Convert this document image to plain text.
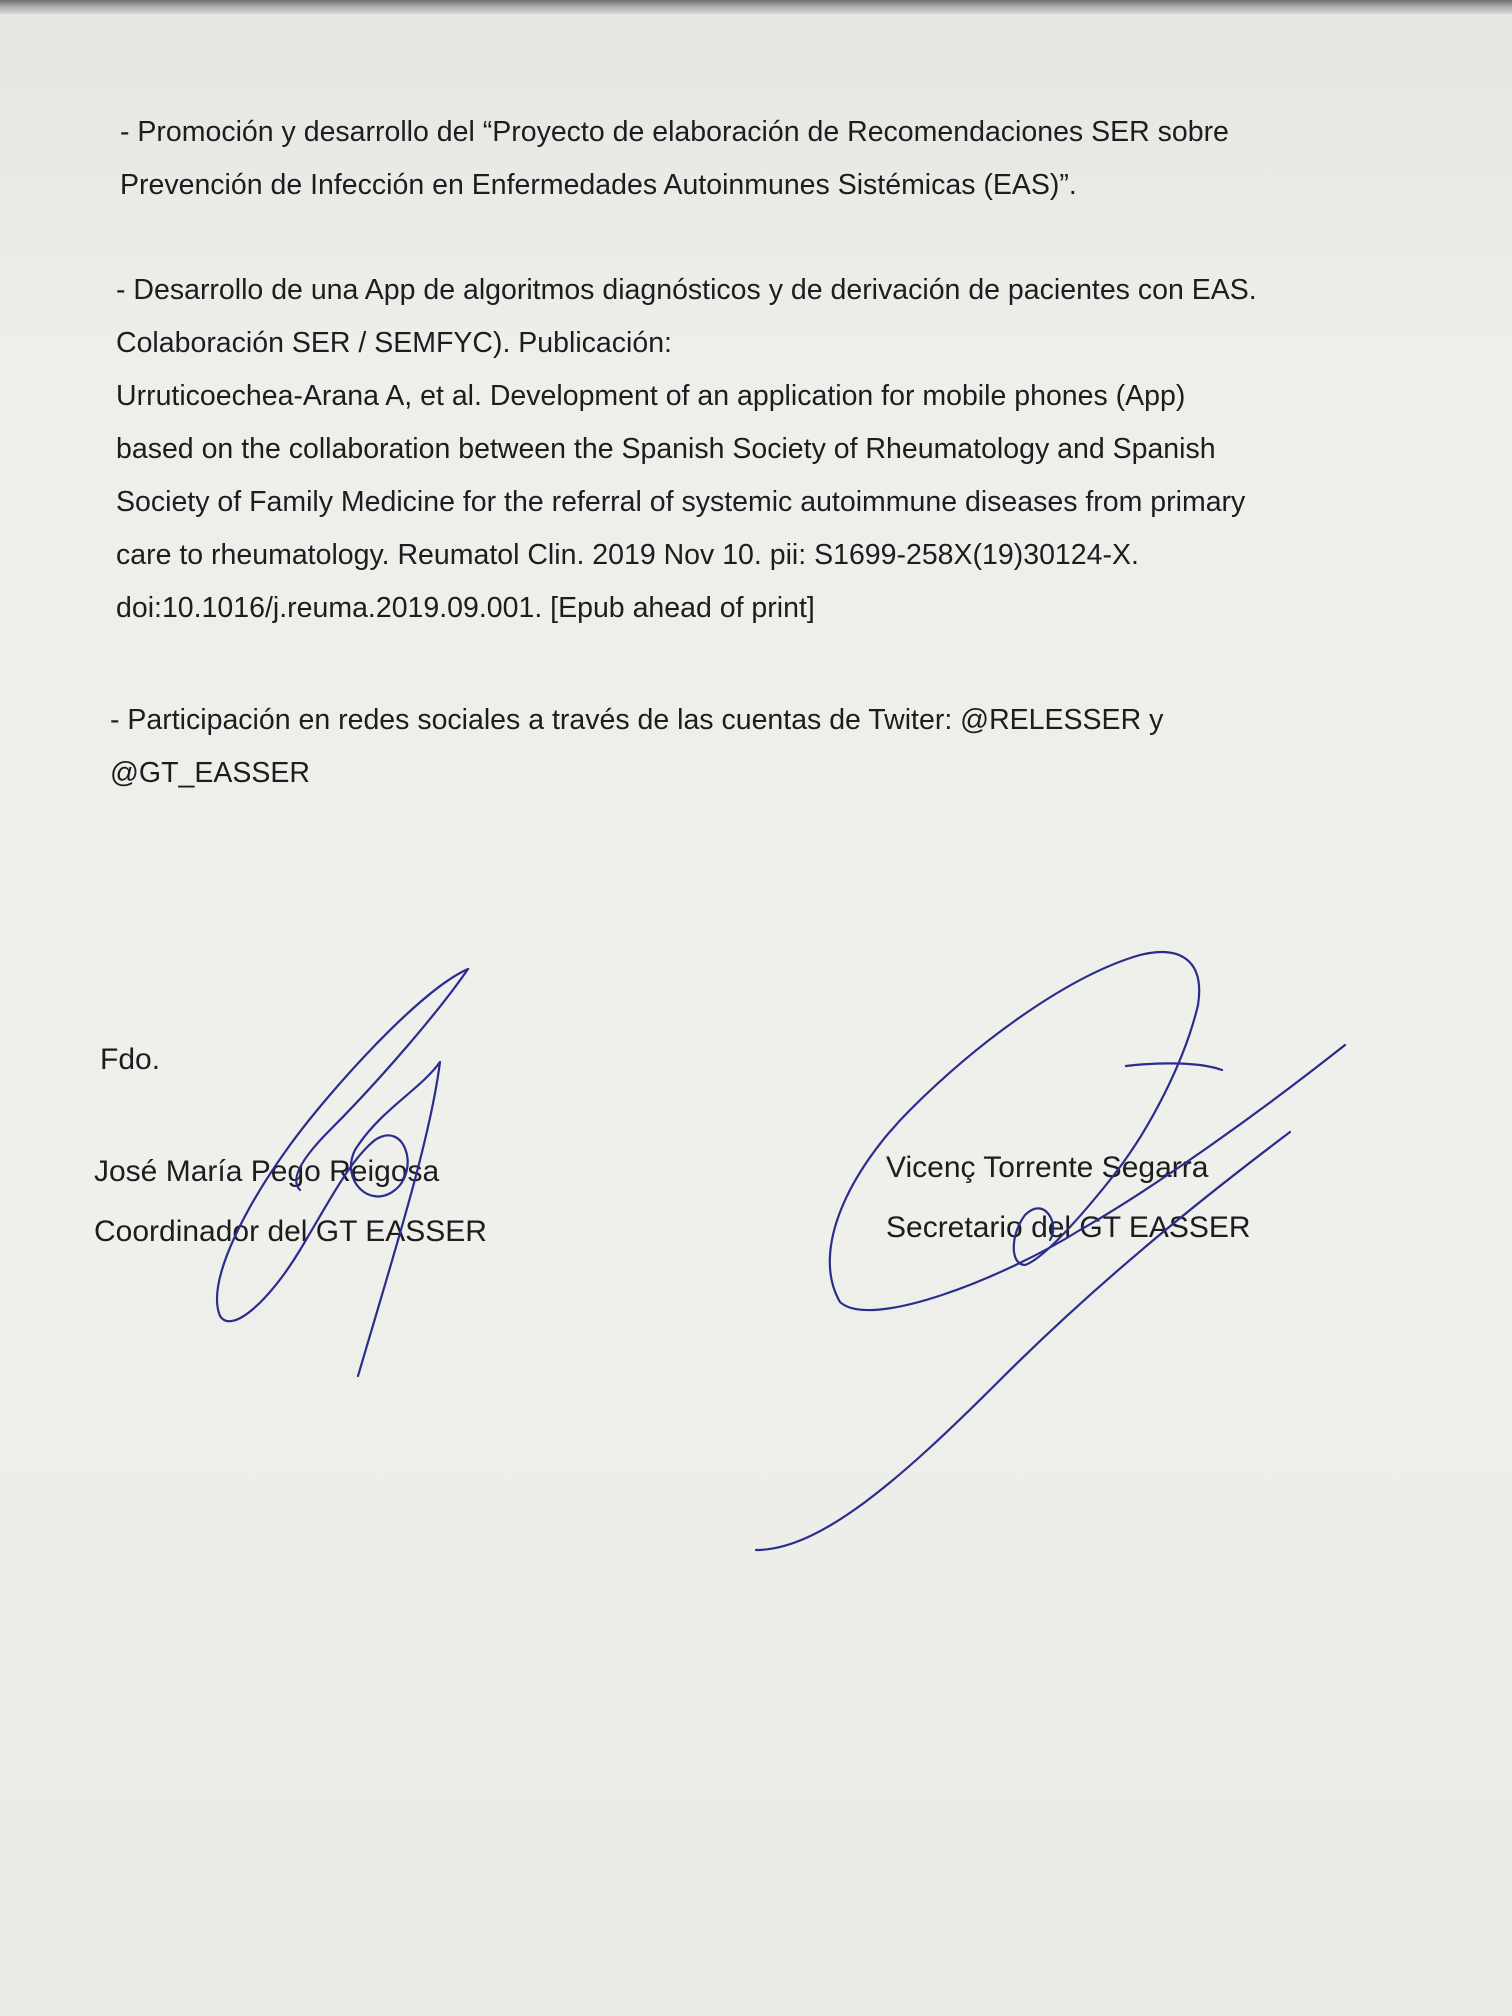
- Promoción y desarrollo del “Proyecto de elaboración de Recomendaciones SER sobre
Prevención de Infección en Enfermedades Autoinmunes Sistémicas (EAS)”.

- Desarrollo de una App de algoritmos diagnósticos y de derivación de pacientes con EAS.
Colaboración SER / SEMFYC). Publicación:
Urruticoechea-Arana A, et al. Development of an application for mobile phones (App)
based on the collaboration between the Spanish Society of Rheumatology and Spanish
Society of Family Medicine for the referral of systemic autoimmune diseases from primary
care to rheumatology. Reumatol Clin. 2019 Nov 10. pii: S1699-258X(19)30124-X.
doi:10.1016/j.reuma.2019.09.001. [Epub ahead of print]

- Participación en redes sociales a través de las cuentas de Twiter: @RELESSER y
@GT_EASSER

Fdo.
José María Pego Reigosa
Coordinador del GT EASSER
Vicenç Torrente Segarra
Secretario del GT EASSER
